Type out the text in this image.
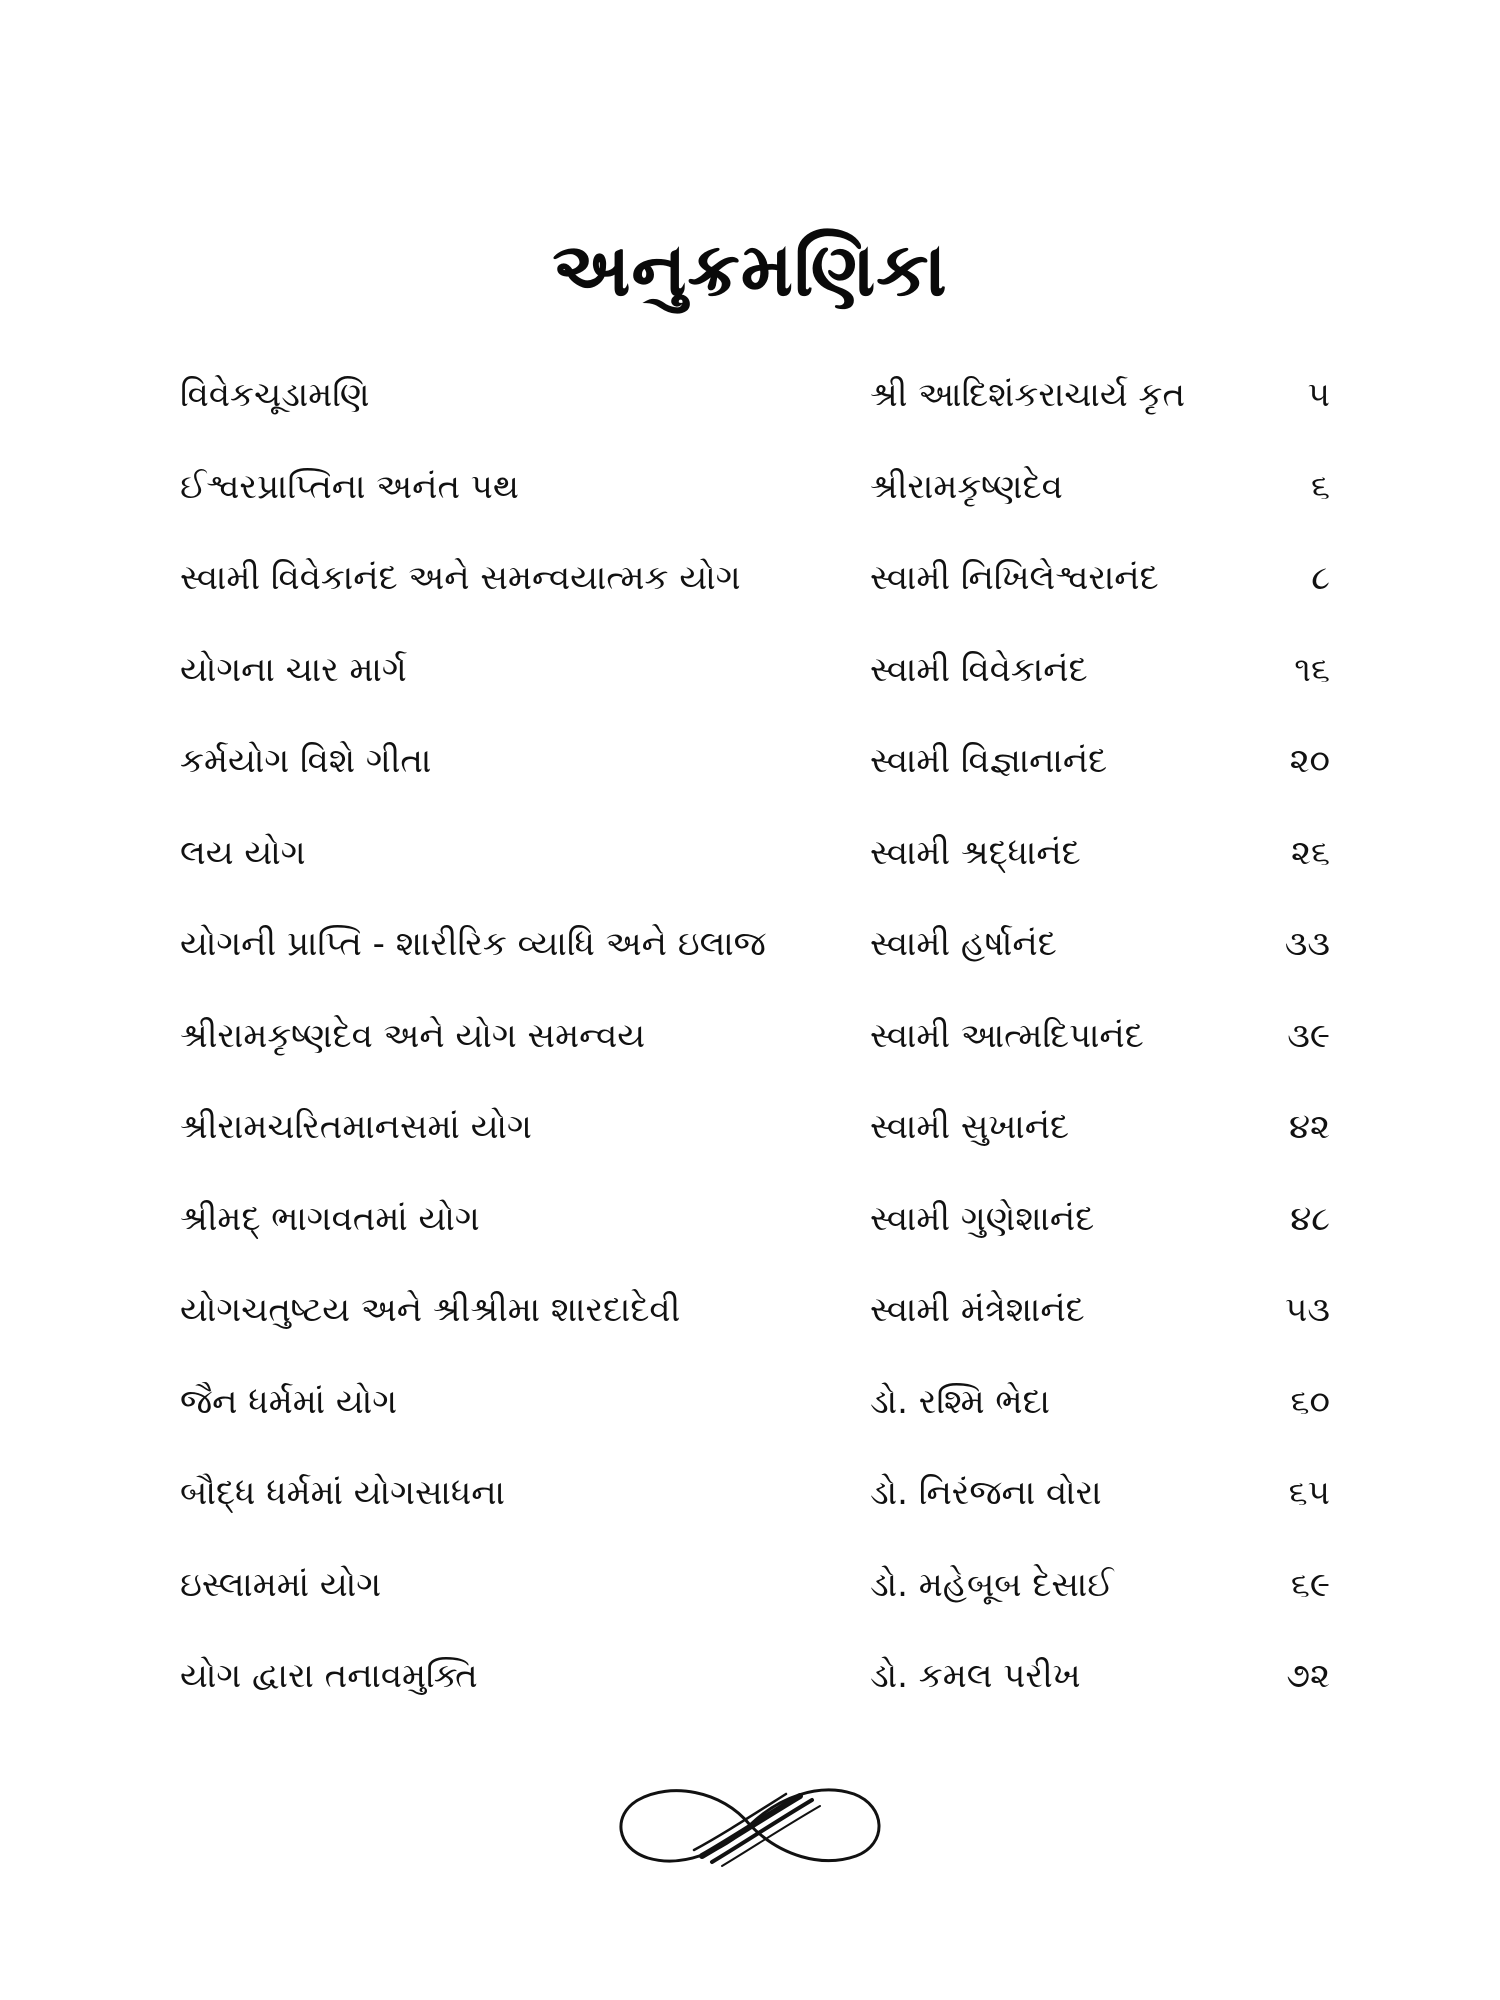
અનુક્રમણિકા
વિવેકચૂડામણિ	શ્રી આદિશંકરાચાર્ય કૃત	૫
ઈશ્વરપ્રાપ્તિના અનંત પથ	શ્રીરામકૃષ્ણદેવ	૬
સ્વામી વિવેકાનંદ અને સમન્વયાત્મક યોગ	સ્વામી નિખિલેશ્વરાનંદ	૮
યોગના ચાર માર્ગ	સ્વામી વિવેકાનંદ	૧૬
કર્મયોગ વિશે ગીતા	સ્વામી વિજ્ઞાનાનંદ	૨૦
લય યોગ	સ્વામી શ્રદ્ધાનંદ	૨૬
યોગની પ્રાપ્તિ - શારીરિક વ્યાધિ અને ઇલાજ	સ્વામી હર્ષાનંદ	૩૩
શ્રીરામકૃષ્ણદેવ અને યોગ સમન્વય	સ્વામી આત્મદિપાનંદ	૩૯
શ્રીરામચરિતમાનસમાં યોગ	સ્વામી સુખાનંદ	૪૨
શ્રીમદ્ ભાગવતમાં યોગ	સ્વામી ગુણેશાનંદ	૪૮
યોગચતુષ્ટય અને શ્રીશ્રીમા શારદાદેવી	સ્વામી મંત્રેશાનંદ	૫૩
જૈન ધર્મમાં યોગ	ડો. રશ્મિ ભેદા	૬૦
બૌદ્ધ ધર્મમાં યોગસાધના	ડો. નિરંજના વોરા	૬૫
ઇસ્લામમાં યોગ	ડો. મહેબૂબ દેસાઈ	૬૯
યોગ દ્વારા તનાવમુક્તિ	ડો. કમલ પરીખ	૭૨
